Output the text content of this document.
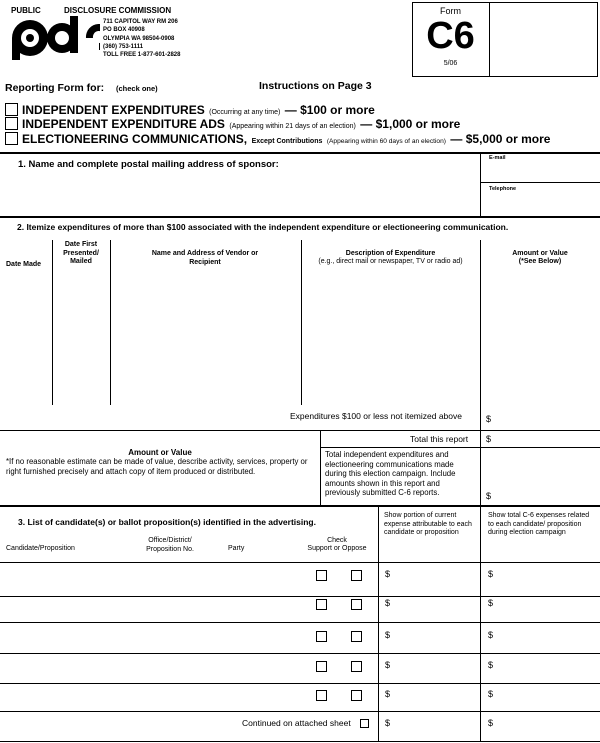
PUBLIC	DISCLOSURE COMMISSION
711 CAPITOL WAY RM 206
PO BOX 40908
OLYMPIA WA 98504-0908
(360) 753-1111
TOLL FREE 1-877-601-2828
Form
C6
5/06
Reporting Form for: (check one)	Instructions on Page 3
INDEPENDENT EXPENDITURES (Occurring at any time) — $100 or more
INDEPENDENT EXPENDITURE ADS (Appearing within 21 days of an election) — $1,000 or more
ELECTIONEERING COMMUNICATIONS, Except Contributions (Appearing within 60 days of an election) — $5,000 or more
1. Name and complete postal mailing address of sponsor:
E-mail
Telephone
2. Itemize expenditures of more than $100 associated with the independent expenditure or electioneering communication.
Date Made
Date First Presented/ Mailed
Name and Address of Vendor or Recipient
Description of Expenditure
(e.g., direct mail or newspaper, TV or radio ad)
Amount or Value
(*See Below)
Expenditures $100 or less not itemized above	$
Total this report $
Amount or Value
*If no reasonable estimate can be made of value, describe activity, services, property or right furnished precisely and attach copy of item produced or distributed.
Total independent expenditures and electioneering communications made during this election campaign. Include amounts shown in this report and previously submitted C-6 reports.	$
3. List of candidate(s) or ballot proposition(s) identified in the advertising.
Candidate/Proposition
Office/District/ Proposition No.	Party
Check
Support or Oppose
Show portion of current expense attributable to each candidate or proposition
Show total C-6 expenses related to each candidate/ proposition during election campaign
$	$
$	$
$	$
$	$
$	$
Continued on attached sheet	$	$
